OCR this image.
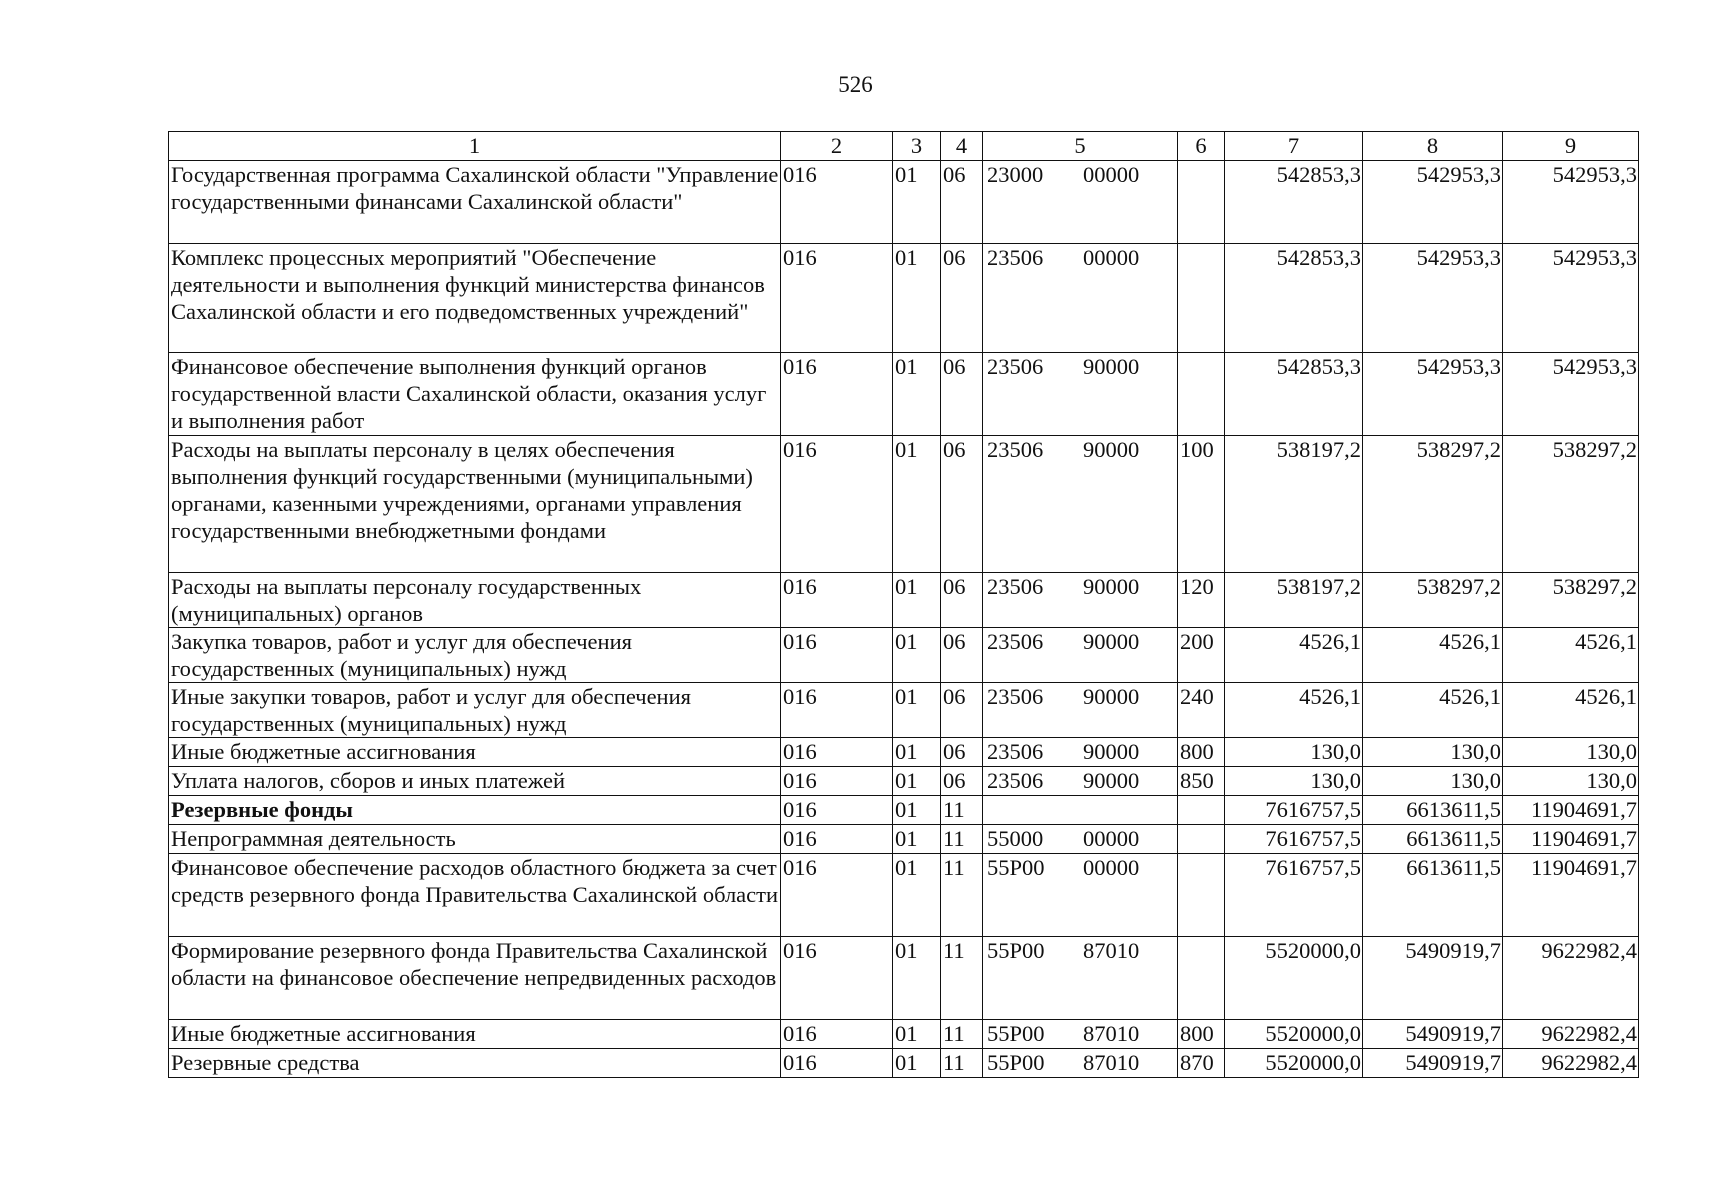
526
1	2	3	4	5	6	7	8	9
Государственная программа Сахалинской области "Управление государственными финансами Сахалинской области"	016	01	06	23000 00000		542853,3	542953,3	542953,3
Комплекс процессных мероприятий "Обеспечение деятельности и выполнения функций министерства финансов Сахалинской области и его подведомственных учреждений"	016	01	06	23506 00000		542853,3	542953,3	542953,3
Финансовое обеспечение выполнения функций органов государственной власти Сахалинской области, оказания услуг и выполнения работ	016	01	06	23506 90000		542853,3	542953,3	542953,3
Расходы на выплаты персоналу в целях обеспечения выполнения функций государственными (муниципальными) органами, казенными учреждениями, органами управления государственными внебюджетными фондами	016	01	06	23506 90000	100	538197,2	538297,2	538297,2
Расходы на выплаты персоналу государственных (муниципальных) органов	016	01	06	23506 90000	120	538197,2	538297,2	538297,2
Закупка товаров, работ и услуг для обеспечения государственных (муниципальных) нужд	016	01	06	23506 90000	200	4526,1	4526,1	4526,1
Иные закупки товаров, работ и услуг для обеспечения государственных (муниципальных) нужд	016	01	06	23506 90000	240	4526,1	4526,1	4526,1
Иные бюджетные ассигнования	016	01	06	23506 90000	800	130,0	130,0	130,0
Уплата налогов, сборов и иных платежей	016	01	06	23506 90000	850	130,0	130,0	130,0
Резервные фонды	016	01	11			7616757,5	6613611,5	11904691,7
Непрограммная деятельность	016	01	11	55000 00000		7616757,5	6613611,5	11904691,7
Финансовое обеспечение расходов областного бюджета за счет средств резервного фонда Правительства Сахалинской области	016	01	11	55Р00 00000		7616757,5	6613611,5	11904691,7
Формирование резервного фонда Правительства Сахалинской области на финансовое обеспечение непредвиденных расходов	016	01	11	55Р00 87010		5520000,0	5490919,7	9622982,4
Иные бюджетные ассигнования	016	01	11	55Р00 87010	800	5520000,0	5490919,7	9622982,4
Резервные средства	016	01	11	55Р00 87010	870	5520000,0	5490919,7	9622982,4
